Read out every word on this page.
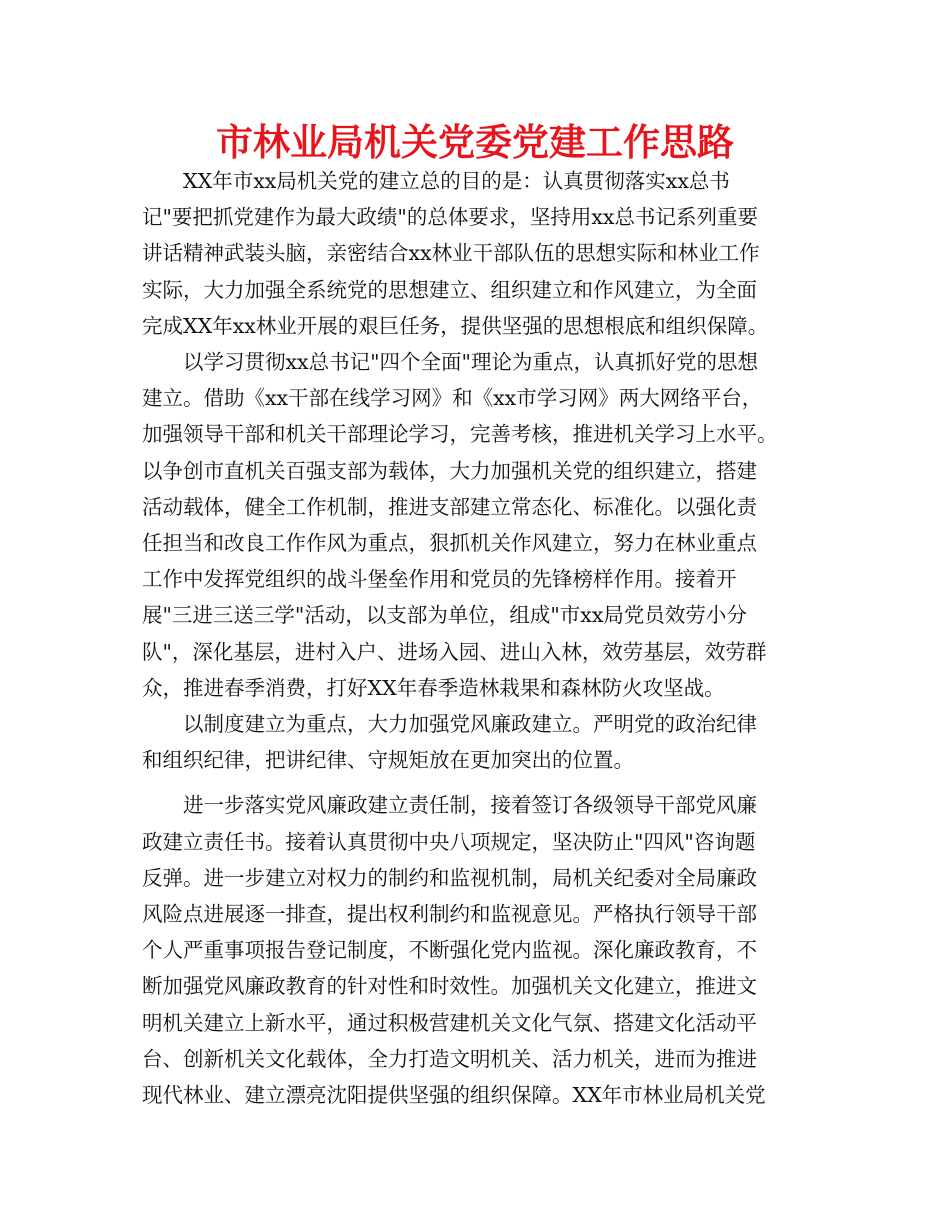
市林业局机关党委党建工作思路

XX年市xx局机关党的建立总的目的是：认真贯彻落实xx总书
记"要把抓党建作为最大政绩"的总体要求，坚持用xx总书记系列重要
讲话精神武装头脑，亲密结合xx林业干部队伍的思想实际和林业工作
实际，大力加强全系统党的思想建立、组织建立和作风建立，为全面
完成XX年xx林业开展的艰巨任务，提供坚强的思想根底和组织保障。

以学习贯彻xx总书记"四个全面"理论为重点，认真抓好党的思想
建立。借助《xx干部在线学习网》和《xx市学习网》两大网络平台，
加强领导干部和机关干部理论学习，完善考核，推进机关学习上水平。
以争创市直机关百强支部为载体，大力加强机关党的组织建立，搭建
活动载体，健全工作机制，推进支部建立常态化、标准化。以强化责
任担当和改良工作作风为重点，狠抓机关作风建立，努力在林业重点
工作中发挥党组织的战斗堡垒作用和党员的先锋榜样作用。接着开
展"三进三送三学"活动，以支部为单位，组成"市xx局党员效劳小分
队"，深化基层，进村入户、进场入园、进山入林，效劳基层，效劳群
众，推进春季消费，打好XX年春季造林栽果和森林防火攻坚战。

以制度建立为重点，大力加强党风廉政建立。严明党的政治纪律
和组织纪律，把讲纪律、守规矩放在更加突出的位置。

进一步落实党风廉政建立责任制，接着签订各级领导干部党风廉
政建立责任书。接着认真贯彻中央八项规定，坚决防止"四风"咨询题
反弹。进一步建立对权力的制约和监视机制，局机关纪委对全局廉政
风险点进展逐一排查，提出权利制约和监视意见。严格执行领导干部
个人严重事项报告登记制度，不断强化党内监视。深化廉政教育，不
断加强党风廉政教育的针对性和时效性。加强机关文化建立，推进文
明机关建立上新水平，通过积极营建机关文化气氛、搭建文化活动平
台、创新机关文化载体，全力打造文明机关、活力机关，进而为推进
现代林业、建立漂亮沈阳提供坚强的组织保障。XX年市林业局机关党
